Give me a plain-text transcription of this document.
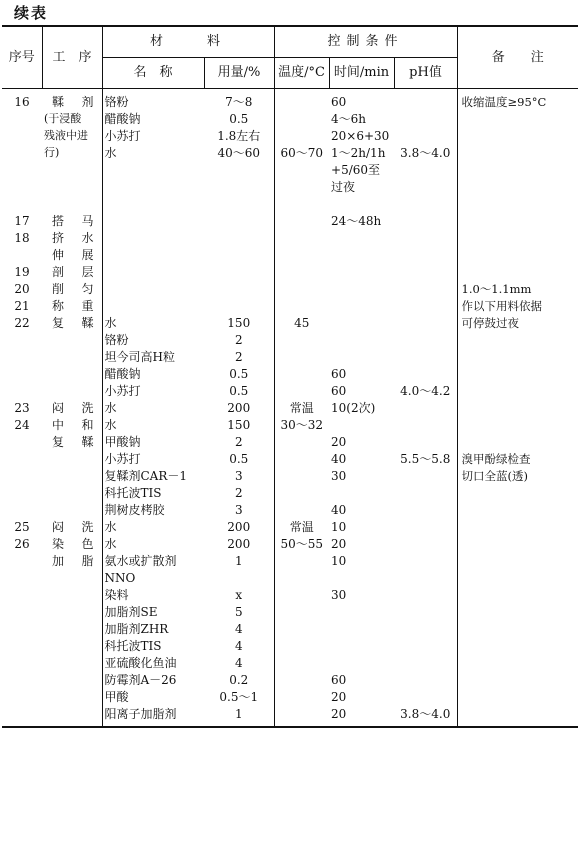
续表
序号	工　序	材　　料		控制条件			备　　注
		名　称	用量/%	温度/°C	时间/min	pH值	
16	鞣　剂	铬粉	7～8		60		收缩温度≥95°C
	(于浸酸	醋酸钠	0.5		4～6h		
	残液中进	小苏打	1.8左右		20×6+30		
	行)	水	40～60	60～70	1～2h/1h	3.8～4.0	
					+5/60至		
					过夜		

17	搭　马				24～48h		
18	挤　水						
	伸　展						
19	剖　层						
20	削　匀						1.0～1.1mm
21	称　重						作以下用料依据
22	复　鞣	水	150	45			可停鼓过夜
		铬粉	2				
		坦今司高H粒	2				
		醋酸钠	0.5		60		
		小苏打	0.5		60	4.0～4.2	
23	闷　洗	水	200	常温	10(2次)		
24	中　和	水	150	30～32			
	复　鞣	甲酸钠	2		20		
		小苏打	0.5		40	5.5～5.8	溴甲酚绿检查
		复鞣剂CAR－1	3		30		切口全蓝(透)
		科托波TIS	2				
		荆树皮栲胶	3		40		
25	闷　洗	水	200	常温	10		
26	染　色	水	200	50～55	20		
	加　脂	氨水或扩散剂	1		10		
		NNO					
		染料	x		30		
		加脂剂SE	5				
		加脂剂ZHR	4				
		科托波TIS	4				
		亚硫酸化鱼油	4				
		防霉剂A－26	0.2		60		
		甲酸	0.5～1		20		
		阳离子加脂剂	1		20	3.8～4.0	
